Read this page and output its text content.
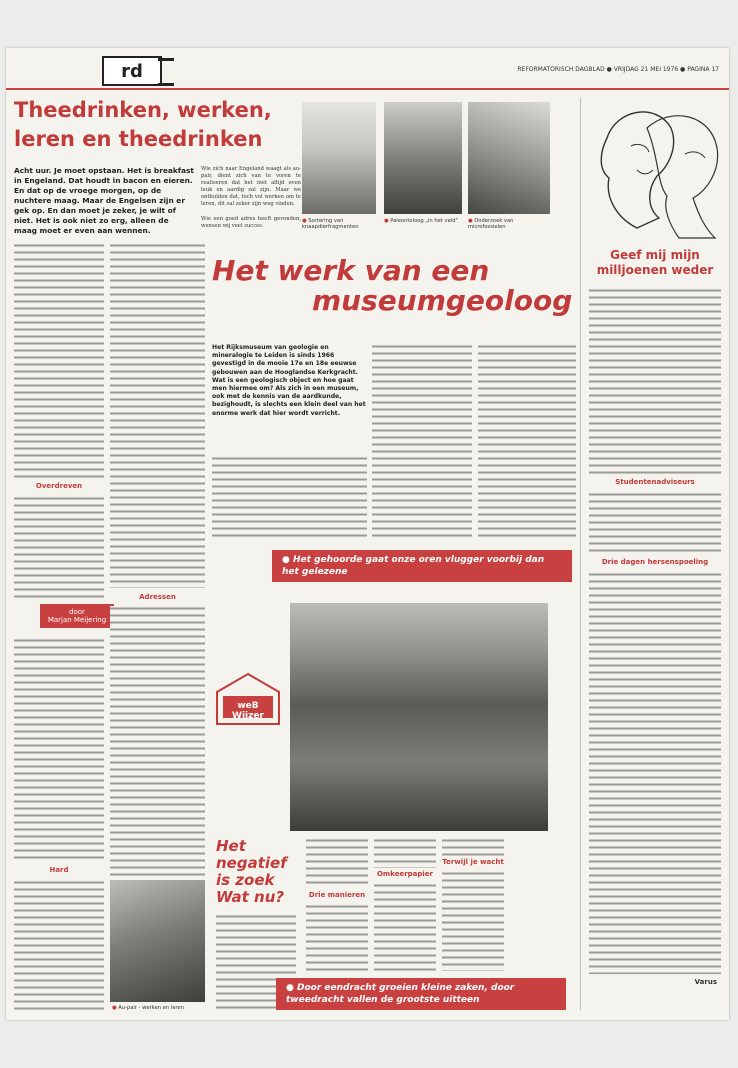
rd	REFORMATORISCH DAGBLAD ● VRIJDAG 21 MEI 1976 ● PAGINA 17
Theedrinken, werken, leren en theedrinken
Acht uur. Je moet opstaan. Het is breakfast in Engeland. Dat houdt in bacon en eieren. En dat op de vroege morgen, op de nuchtere maag. Maar de Engelsen zijn er gek op. En dan moet je zeker, je wilt of niet. Het is ook niet zo erg, alleen de maag moet er even aan wennen.
Wie zich naar Engeland waagt als au-pair, dient zich van te voren te realiseren dat het niet altijd even leuk en aardig zal zijn. Maar we onthulden dat, toch vol werken om te leren, dit zal zeker zijn weg vinden.

Wie een goed adres heeft gevonden, wensen wij veel succes.
Overdreven
door
Marjan Meijering
Hard
Adressen
● Au-pair - werken en leren
● Sortering van knaapdierfragmenten
● Paleontoloog „in het veld"	● Onderzoek van microfossielen
Het werk van een
museumgeoloog
Het Rijksmuseum van geologie en mineralogie te Leiden is sinds 1966 gevestigd in de mooie 17e en 18e eeuwse gebouwen aan de Hooglandse Kerkgracht. Wat is een geologisch object en hoe gaat men hiermee om? Als zich in een museum, ook met de kennis van de aardkunde, bezighoudt, is slechts een klein deel van het enorme werk dat hier wordt verricht.
● Het gehoorde gaat onze oren vlugger voorbij dan het gelezene
weB Wijzer
Het negatief is zoek Wat nu?	Drie manieren
Omkeerpapier
Terwijl je wacht
● Door eendracht groeien kleine zaken, door tweedracht vallen de grootste uitteen
Geef mij mijn
milljoenen weder
Studentenadviseurs
Drie dagen hersenspoeling
Varus
